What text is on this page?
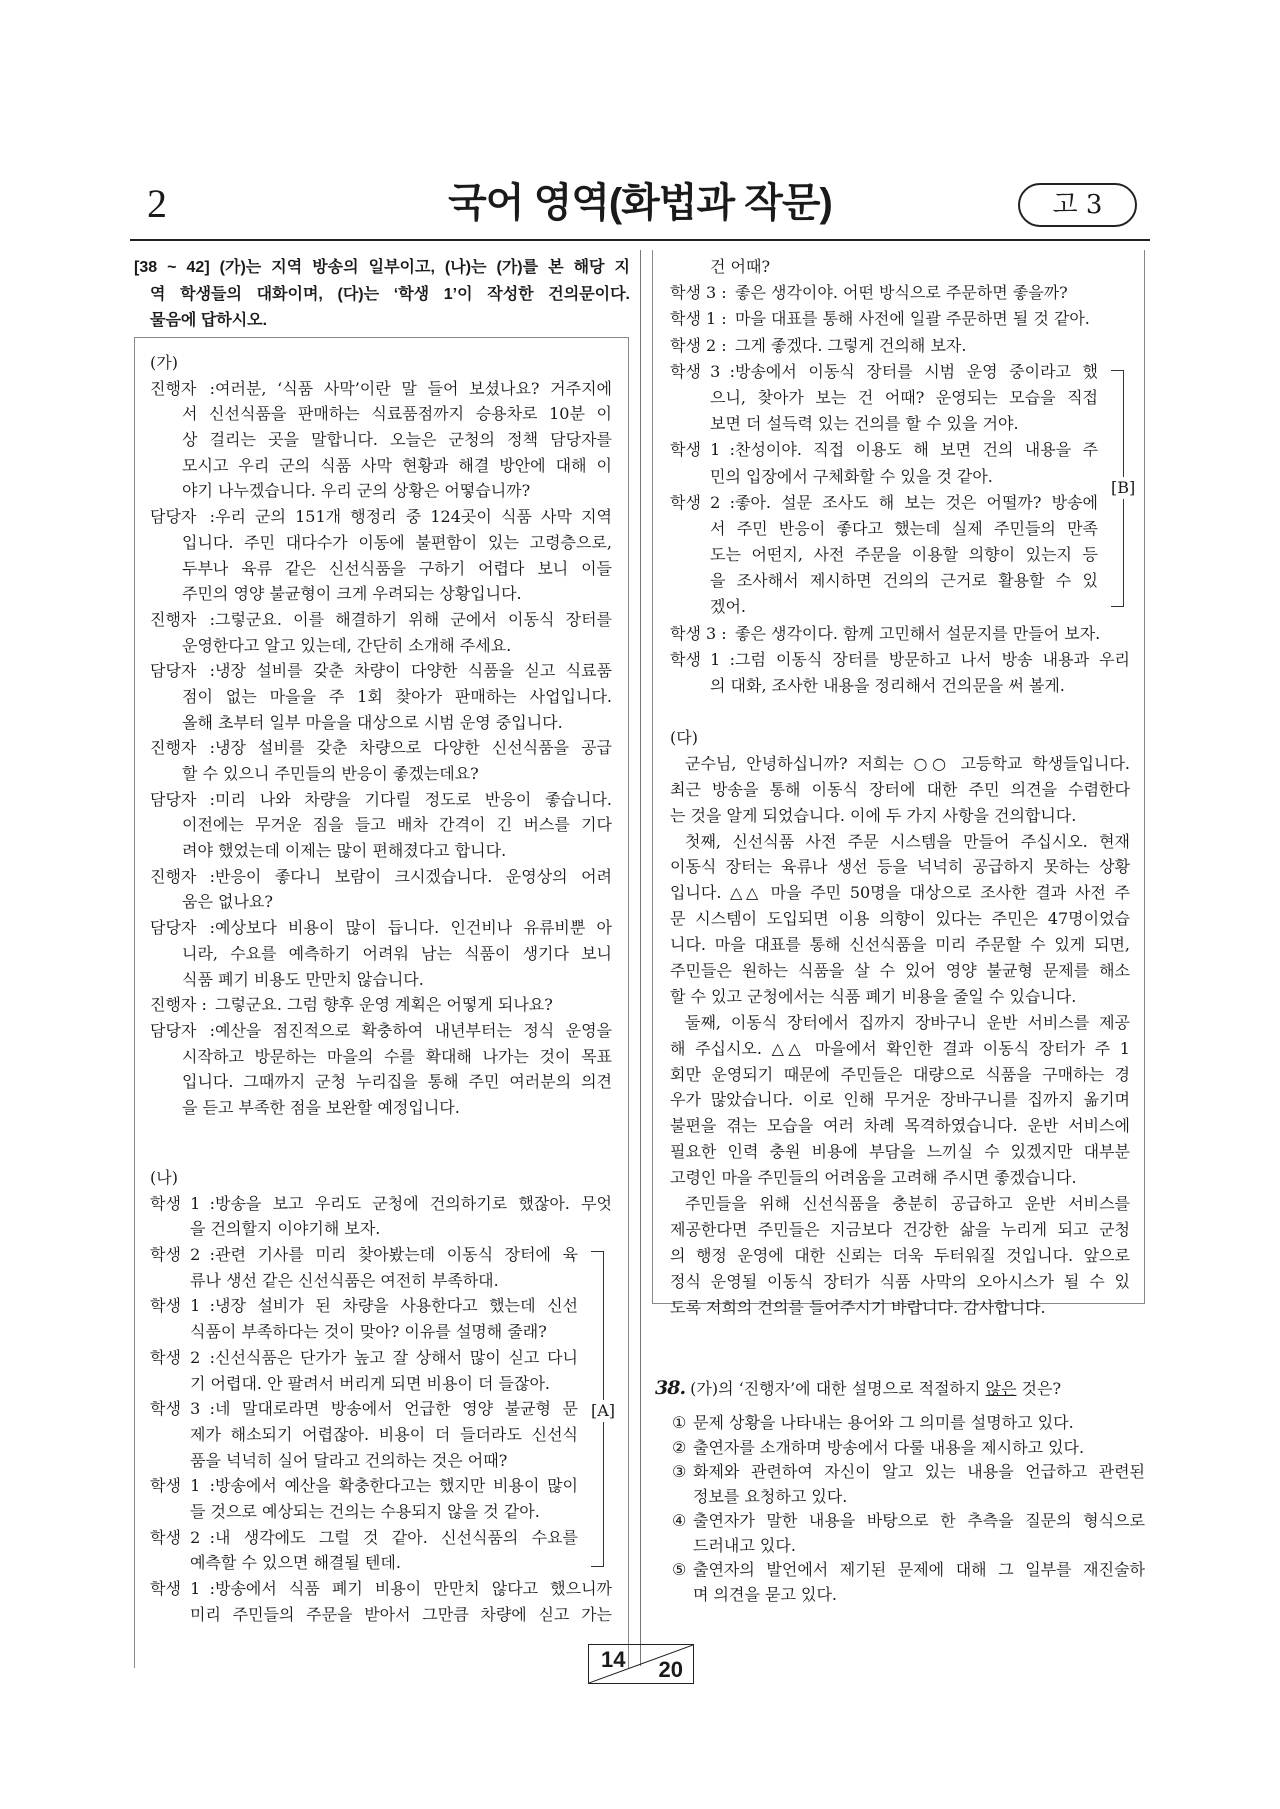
2	국어 영역(화법과 작문)	고 3
[38 ~ 42] (가)는 지역 방송의 일부이고, (나)는 (가)를 본 해당 지
역 학생들의 대화이며, (다)는 ‘학생 1’이 작성한 건의문이다.
물음에 답하시오.
(가)
진행자 :여러분, ‘식품 사막’이란 말 들어 보셨나요? 거주지에
서 신선식품을 판매하는 식료품점까지 승용차로 10분 이
상 걸리는 곳을 말합니다. 오늘은 군청의 정책 담당자를
모시고 우리 군의 식품 사막 현황과 해결 방안에 대해 이
야기 나누겠습니다. 우리 군의 상황은 어떻습니까?
담당자 :우리 군의 151개 행정리 중 124곳이 식품 사막 지역
입니다. 주민 대다수가 이동에 불편함이 있는 고령층으로,
두부나 육류 같은 신선식품을 구하기 어렵다 보니 이들
주민의 영양 불균형이 크게 우려되는 상황입니다.
진행자 :그렇군요. 이를 해결하기 위해 군에서 이동식 장터를
운영한다고 알고 있는데, 간단히 소개해 주세요.
담당자 :냉장 설비를 갖춘 차량이 다양한 식품을 싣고 식료품
점이 없는 마을을 주 1회 찾아가 판매하는 사업입니다.
올해 초부터 일부 마을을 대상으로 시범 운영 중입니다.
진행자 :냉장 설비를 갖춘 차량으로 다양한 신선식품을 공급
할 수 있으니 주민들의 반응이 좋겠는데요?
담당자 :미리 나와 차량을 기다릴 정도로 반응이 좋습니다.
이전에는 무거운 짐을 들고 배차 간격이 긴 버스를 기다
려야 했었는데 이제는 많이 편해졌다고 합니다.
진행자 :반응이 좋다니 보람이 크시겠습니다. 운영상의 어려
움은 없나요?
담당자 :예상보다 비용이 많이 듭니다. 인건비나 유류비뿐 아
니라, 수요를 예측하기 어려워 남는 식품이 생기다 보니
식품 폐기 비용도 만만치 않습니다.
진행자 : 그렇군요. 그럼 향후 운영 계획은 어떻게 되나요?
담당자 :예산을 점진적으로 확충하여 내년부터는 정식 운영을
시작하고 방문하는 마을의 수를 확대해 나가는 것이 목표
입니다. 그때까지 군청 누리집을 통해 주민 여러분의 의견
을 듣고 부족한 점을 보완할 예정입니다.
(나)
학생 1 :방송을 보고 우리도 군청에 건의하기로 했잖아. 무엇
을 건의할지 이야기해 보자.
학생 2 :관련 기사를 미리 찾아봤는데 이동식 장터에 육
류나 생선 같은 신선식품은 여전히 부족하대.
학생 1 :냉장 설비가 된 차량을 사용한다고 했는데 신선
식품이 부족하다는 것이 맞아? 이유를 설명해 줄래?
학생 2 :신선식품은 단가가 높고 잘 상해서 많이 싣고 다니
기 어렵대. 안 팔려서 버리게 되면 비용이 더 들잖아.
학생 3 :네 말대로라면 방송에서 언급한 영양 불균형 문
제가 해소되기 어렵잖아. 비용이 더 들더라도 신선식
품을 넉넉히 실어 달라고 건의하는 것은 어때?
학생 1 :방송에서 예산을 확충한다고는 했지만 비용이 많이
들 것으로 예상되는 건의는 수용되지 않을 것 같아.
학생 2 :내 생각에도 그럴 것 같아. 신선식품의 수요를
예측할 수 있으면 해결될 텐데.
학생 1 :방송에서 식품 폐기 비용이 만만치 않다고 했으니까
미리 주민들의 주문을 받아서 그만큼 차량에 싣고 가는
건 어때?
학생 3 : 좋은 생각이야. 어떤 방식으로 주문하면 좋을까?
학생 1 : 마을 대표를 통해 사전에 일괄 주문하면 될 것 같아.
학생 2 : 그게 좋겠다. 그렇게 건의해 보자.
학생 3 :방송에서 이동식 장터를 시범 운영 중이라고 했
으니, 찾아가 보는 건 어때? 운영되는 모습을 직접
보면 더 설득력 있는 건의를 할 수 있을 거야.
학생 1 :찬성이야. 직접 이용도 해 보면 건의 내용을 주
민의 입장에서 구체화할 수 있을 것 같아.
학생 2 :좋아. 설문 조사도 해 보는 것은 어떨까? 방송에
서 주민 반응이 좋다고 했는데 실제 주민들의 만족
도는 어떤지, 사전 주문을 이용할 의향이 있는지 등
을 조사해서 제시하면 건의의 근거로 활용할 수 있
겠어.
학생 3 : 좋은 생각이다. 함께 고민해서 설문지를 만들어 보자.
학생 1 :그럼 이동식 장터를 방문하고 나서 방송 내용과 우리
의 대화, 조사한 내용을 정리해서 건의문을 써 볼게.
(다)
군수님, 안녕하십니까? 저희는 ○○ 고등학교 학생들입니다.
최근 방송을 통해 이동식 장터에 대한 주민 의견을 수렴한다
는 것을 알게 되었습니다. 이에 두 가지 사항을 건의합니다.
첫째, 신선식품 사전 주문 시스템을 만들어 주십시오. 현재
이동식 장터는 육류나 생선 등을 넉넉히 공급하지 못하는 상황
입니다. △△ 마을 주민 50명을 대상으로 조사한 결과 사전 주
문 시스템이 도입되면 이용 의향이 있다는 주민은 47명이었습
니다. 마을 대표를 통해 신선식품을 미리 주문할 수 있게 되면,
주민들은 원하는 식품을 살 수 있어 영양 불균형 문제를 해소
할 수 있고 군청에서는 식품 폐기 비용을 줄일 수 있습니다.
둘째, 이동식 장터에서 집까지 장바구니 운반 서비스를 제공
해 주십시오. △△ 마을에서 확인한 결과 이동식 장터가 주 1
회만 운영되기 때문에 주민들은 대량으로 식품을 구매하는 경
우가 많았습니다. 이로 인해 무거운 장바구니를 집까지 옮기며
불편을 겪는 모습을 여러 차례 목격하였습니다. 운반 서비스에
필요한 인력 충원 비용에 부담을 느끼실 수 있겠지만 대부분
고령인 마을 주민들의 어려움을 고려해 주시면 좋겠습니다.
주민들을 위해 신선식품을 충분히 공급하고 운반 서비스를
제공한다면 주민들은 지금보다 건강한 삶을 누리게 되고 군청
의 행정 운영에 대한 신뢰는 더욱 두터워질 것입니다. 앞으로
정식 운영될 이동식 장터가 식품 사막의 오아시스가 될 수 있
도록 저희의 건의를 들어주시기 바랍니다. 감사합니다.
[A]
[B]
38. (가)의 ‘진행자’에 대한 설명으로 적절하지 않은 것은?
① 문제 상황을 나타내는 용어와 그 의미를 설명하고 있다.
② 출연자를 소개하며 방송에서 다룰 내용을 제시하고 있다.
③ 화제와 관련하여 자신이 알고 있는 내용을 언급하고 관련된
정보를 요청하고 있다.
④ 출연자가 말한 내용을 바탕으로 한 추측을 질문의 형식으로
드러내고 있다.
⑤ 출연자의 발언에서 제기된 문제에 대해 그 일부를 재진술하
며 의견을 묻고 있다.
14 20
